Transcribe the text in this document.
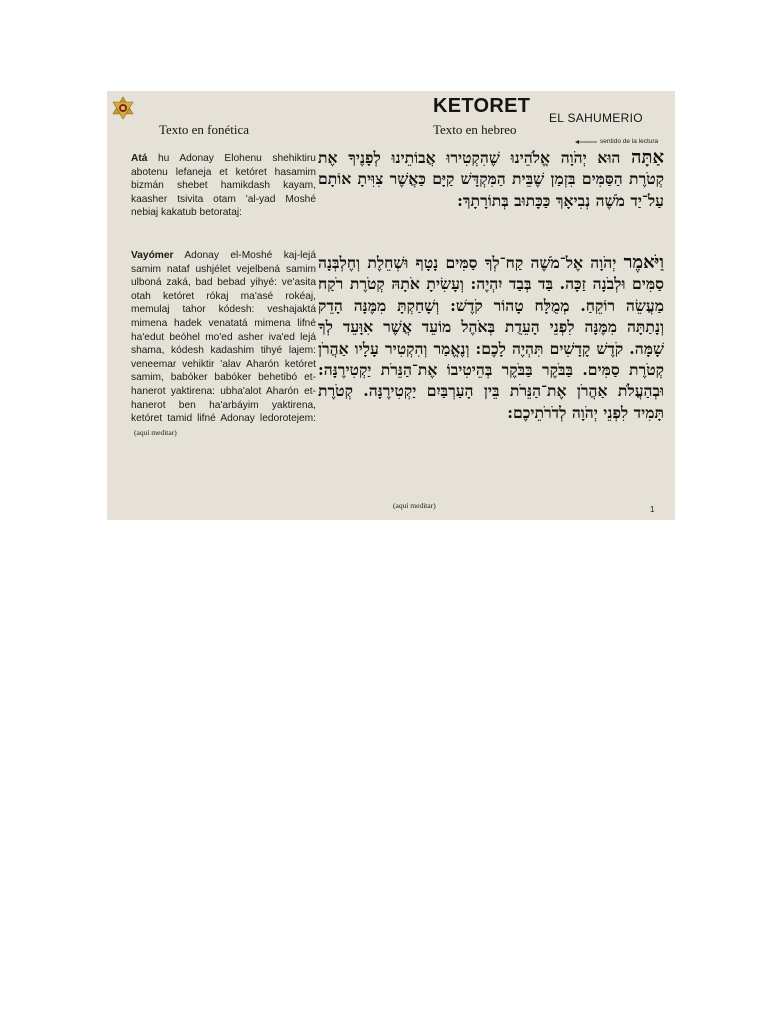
KETORET
EL SAHUMERIO
Texto en fonética	Texto en hebreo
sentido de la lectura
Atá hu Adonay Elohenu shehiktiru abotenu lefaneja et ketóret hasamim bizmán shebet hamikdash kayam, kaasher tsivita otam 'al-yad Moshé nebiaj kakatub betorataj:
Vayómer Adonay el-Moshé kaj-lejá samim nataf ushjélet vejelbená samim ulboná zaká, bad bebad yihyé: ve'asita otah ketóret rókaj ma'asé rokéaj, memulaj tahor kódesh: veshajaktá mimena hadek venatatá mimena lifné ha'edut beóhel mo'ed asher iva'ed lejá shama, kódesh kadashim tihyé lajem: veneemar vehiktir 'alav Aharón ketóret samim, babóker babóker behetibó et-hanerot yaktirena: ubha'alot Aharón et-hanerot ben ha'arbáyim yaktirena, ketóret tamid lifné Adonay ledorotejem: (aquí meditar)
אַתָּה הוּא יְהֹוָה אֱלֹהֵינוּ שֶׁהִקְטִירוּ אֲבוֹתֵינוּ לְפָנֶיךָ אֶת קְטֹרֶת הַסַּמִּים בִּזְמַן שֶׁבֵּית הַמִּקְדָּשׁ קַיָּם כַּאֲשֶׁר צִוִּיתָ אוֹתָם עַל־יַד מֹשֶׁה נְבִיאָךְ כַּכָּתוּב בְּתוֹרָתָךְ:
וַיֹּאמֶר יְהֹוָה אֶל־מֹשֶׁה קַח־לְךָ סַמִּים נָטָף וּשְׁחֵלֶת וְחֶלְבְּנָה סַמִּים וּלְבֹנָה זַכָּה. בַּד בְּבַד יִהְיֶה: וְעָשִׂיתָ אֹתָהּ קְטֹרֶת רֹקַח מַעֲשֵׂה רוֹקֵחַ. מְמֻלָּח טָהוֹר קֹדֶשׁ: וְשָׁחַקְתָּ מִמֶּנָּה הָדֵק וְנָתַתָּה מִמֶּנָּה לִפְנֵי הָעֵדֻת בְּאֹהֶל מוֹעֵד אֲשֶׁר אִוָּעֵד לְךָ שָׁמָּה. קֹדֶשׁ קָדָשִׁים תִּהְיֶה לָכֶם: וְנֶאֱמַר וְהִקְטִיר עָלָיו אַהֲרֹן קְטֹרֶת סַמִּים. בַּבֹּקֶר בַּבֹּקֶר בְּהֵיטִיבוֹ אֶת־הַנֵּרֹת יַקְטִירֶנָּה: וּבְהַעֲלֹת אַהֲרֹן אֶת־הַנֵּרֹת בֵּין הָעַרְבַּיִם יַקְטִירֶנָּה. קְטֹרֶת תָּמִיד לִפְנֵי יְהֹוָה לְדֹרֹתֵיכֶם:
(aquí meditar)	1
